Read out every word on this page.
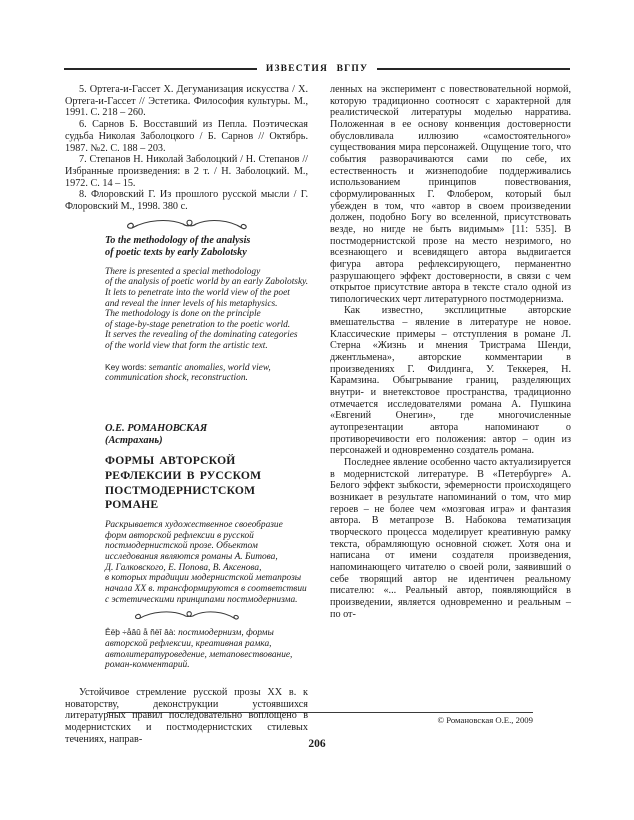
ИЗВЕСТИЯ ВГПУ

5. Ортега-и-Гассет Х. Дегуманизация искусства / Х. Ортега-и-Гассет // Эстетика. Философия культуры. М., 1991. С. 218 – 260.

6. Сарнов Б. Восставший из Пепла. Поэтическая судьба Николая Заболоцкого / Б. Сарнов // Октябрь. 1987. №2. С. 188 – 203.

7. Степанов Н. Николай Заболоцкий / Н. Степанов // Избранные произведения: в 2 т. / Н. Заболоцкий. М., 1972. С. 14 – 15.

8. Флоровский Г. Из прошлого русской мысли / Г. Флоровский М., 1998. 380 с.

To the methodology of the analysis
of poetic texts by early Zabolotsky
There is presented a special methodology
of the analysis of poetic world by an early Zabolotsky.
It lets to penetrate into the world view of the poet
and reveal the inner levels of his metaphysics.
The methodology is done on the principle
of stage-by-stage penetration to the poetic world.
It serves the revealing of the dominating categories
of the world view that form the artistic text.
Key words: semantic anomalies, world view, communication shock, reconstruction.
О.Е. РОМАНОВСКАЯ
(Астрахань)
ФОРМЫ АВТОРСКОЙ
РЕФЛЕКСИИ В РУССКОМ
ПОСТМОДЕРНИСТСКОМ РОМАНЕ
Раскрывается художественное своеобразие
форм авторской рефлексии в русской
постмодернистской прозе. Объектом
исследования являются романы А. Битова,
Д. Галковского, Е. Попова, В. Аксенова,
в которых традиции модернистской метапрозы
начала XX в. трансформируются в соответствии
с эстетическими принципами постмодернизма.
Êëþ ÷åâû å ñëî âà: постмодернизм, формы авторской рефлексии, креативная рамка, автолитературоведение, метаповествование, роман-комментарий.

Устойчивое стремление русской прозы XX в. к новаторству, деконструкции устоявшихся литературных правил последовательно воплощено в модернистских и постмодернистских стилевых течениях, направ-

ленных на эксперимент с повествовательной нормой, которую традиционно соотносят с характерной для реалистической литературы моделью нарратива. Положенная в ее основу конвенция достоверности обусловливала иллюзию «самостоятельного» существования мира персонажей. Ощущение того, что события разворачиваются сами по себе, их естественность и жизнеподобие поддерживались использованием принципов повествования, сформулированных Г. Флобером, который был убежден в том, что «автор в своем произведении должен, подобно Богу во вселенной, присутствовать везде, но нигде не быть видимым» [11: 535]. В постмодернистской прозе на место незримого, но всезнающего и всевидящего автора выдвигается фигура автора рефлексирующего, перманентно разрушающего эффект достоверности, в связи с чем открытое присутствие автора в тексте стало одной из типологических черт литературного постмодернизма.

Как известно, эксплицитные авторские вмешательства – явление в литературе не новое. Классические примеры – отступления в романе Л. Стерна «Жизнь и мнения Тристрама Шенди, джентльмена», авторские комментарии в произведениях Г. Филдинга, У. Теккерея, Н. Карамзина. Обыгрывание границ, разделяющих внутри- и внетекстовое пространства, традиционно отмечается исследователями романа А. Пушкина «Евгений Онегин», где многочисленные аутопрезентации автора напоминают о противоречивости его положения: автор – один из персонажей и одновременно создатель романа.

Последнее явление особенно часто актуализируется в модернистской литературе. В «Петербурге» А. Белого эффект зыбкости, эфемерности происходящего возникает в результате напоминаний о том, что мир героев – не более чем «мозговая игра» и фантазия автора. В метапрозе В. Набокова тематизация творческого процесса моделирует креативную рамку текста, обрамляющую основной сюжет. Хотя она и написана от имени создателя произведения, напоминающего читателю о своей роли, заявивший о себе творящий автор не идентичен реальному писателю: «... Реальный автор, появляющийся в произведении, является одновременно и реальным – по от-

© Романовская О.Е., 2009
206
